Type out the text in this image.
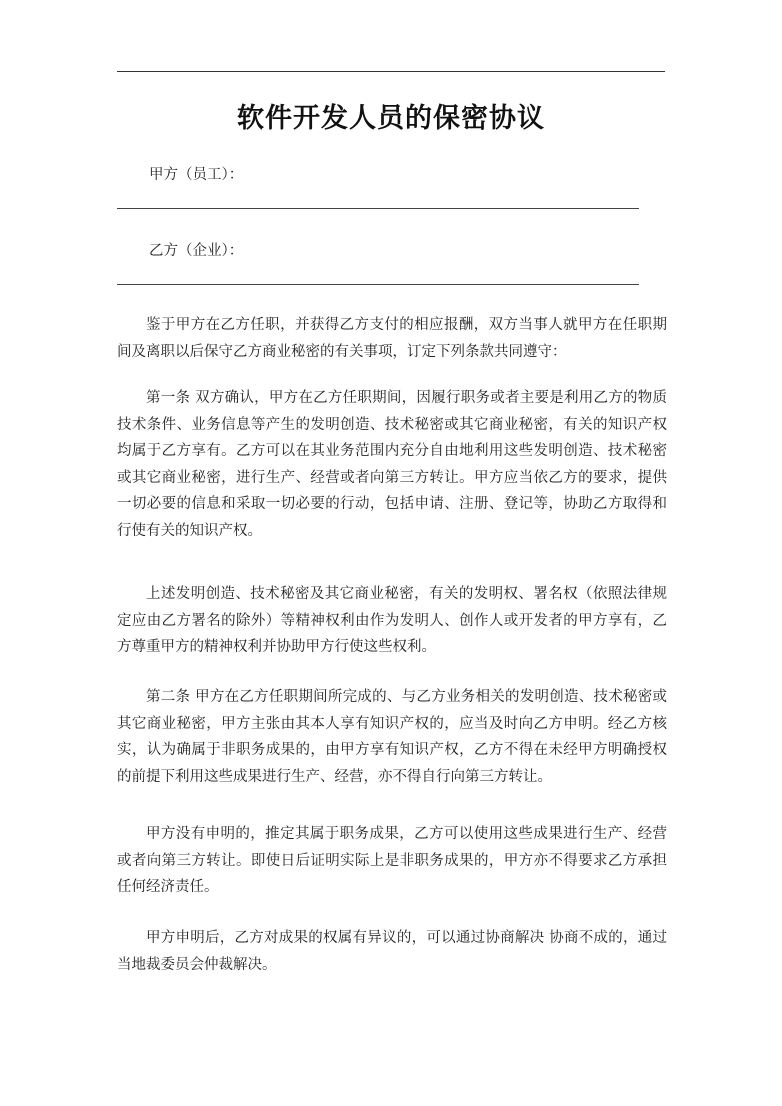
软件开发人员的保密协议
甲方（员工）：
乙方（企业）：

鉴于甲方在乙方任职，并获得乙方支付的相应报酬，双方当事人就甲方在任职期间及离职以后保守乙方商业秘密的有关事项，订定下列条款共同遵守：

第一条 双方确认，甲方在乙方任职期间，因履行职务或者主要是利用乙方的物质技术条件、业务信息等产生的发明创造、技术秘密或其它商业秘密，有关的知识产权均属于乙方享有。乙方可以在其业务范围内充分自由地利用这些发明创造、技术秘密或其它商业秘密，进行生产、经营或者向第三方转让。甲方应当依乙方的要求，提供一切必要的信息和采取一切必要的行动，包括申请、注册、登记等，协助乙方取得和行使有关的知识产权。

上述发明创造、技术秘密及其它商业秘密，有关的发明权、署名权（依照法律规定应由乙方署名的除外）等精神权利由作为发明人、创作人或开发者的甲方享有，乙方尊重甲方的精神权利并协助甲方行使这些权利。

第二条 甲方在乙方任职期间所完成的、与乙方业务相关的发明创造、技术秘密或其它商业秘密，甲方主张由其本人享有知识产权的，应当及时向乙方申明。经乙方核实，认为确属于非职务成果的，由甲方享有知识产权，乙方不得在未经甲方明确授权的前提下利用这些成果进行生产、经营，亦不得自行向第三方转让。

甲方没有申明的，推定其属于职务成果，乙方可以使用这些成果进行生产、经营或者向第三方转让。即使日后证明实际上是非职务成果的，甲方亦不得要求乙方承担任何经济责任。

甲方申明后，乙方对成果的权属有异议的，可以通过协商解决 协商不成的，通过当地裁委员会仲裁解决。
